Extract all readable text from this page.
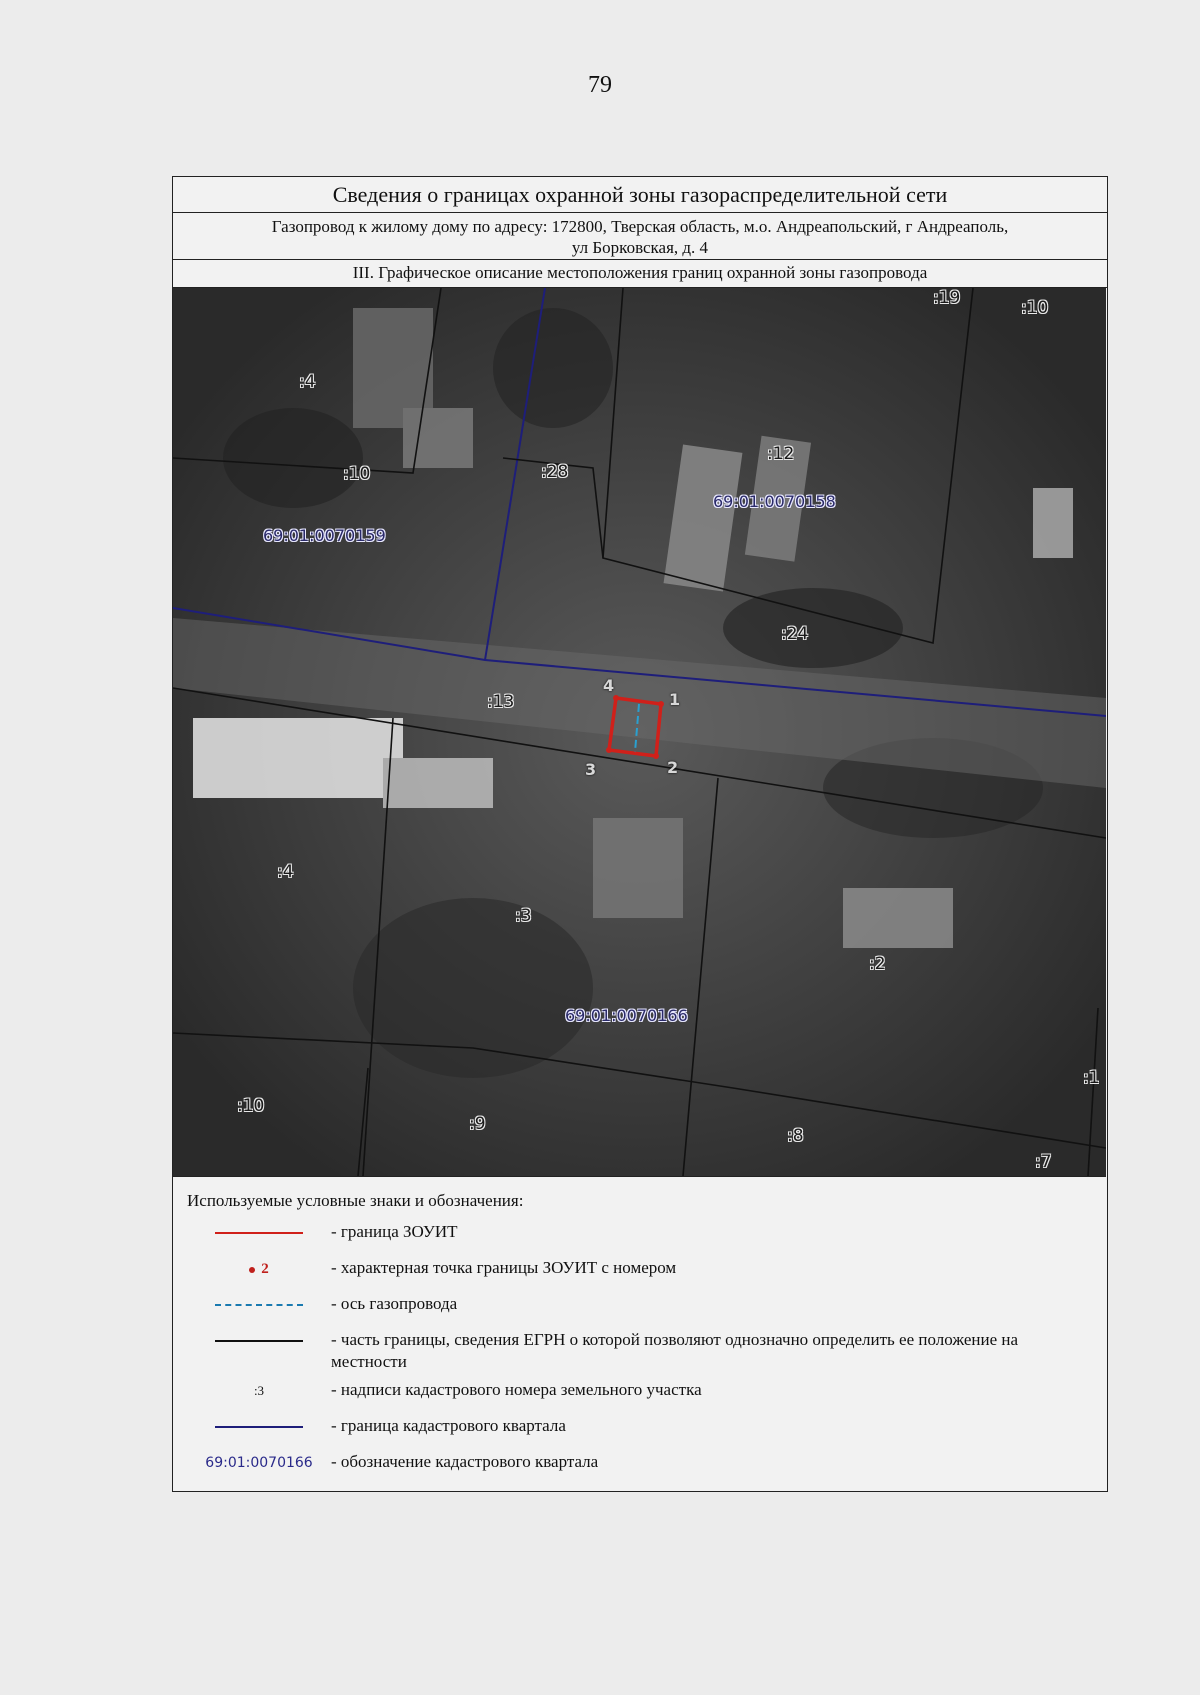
79
Сведения о границах охранной зоны газораспределительной сети
Газопровод к жилому дому по адресу: 172800, Тверская область, м.о. Андреапольский, г Андреаполь,
ул Борковская, д. 4
III. Графическое описание местоположения границ охранной зоны газопровода
:4
:10	:28
:12
:19	:10
:24
:13
:4
:3
:2
:10
:9
:8
:1
:7
69:01:0070159
69:01:0070158
69:01:0070166
1
2
3
4
Используемые условные знаки и обозначения:
- граница ЗОУИТ
2	- характерная точка границы ЗОУИТ с номером
- ось газопровода
- часть границы, сведения ЕГРН о которой позволяют однозначно определить ее положение на местности
:3	- надписи кадастрового номера земельного участка
- граница кадастрового квартала
69:01:0070166	- обозначение кадастрового квартала
